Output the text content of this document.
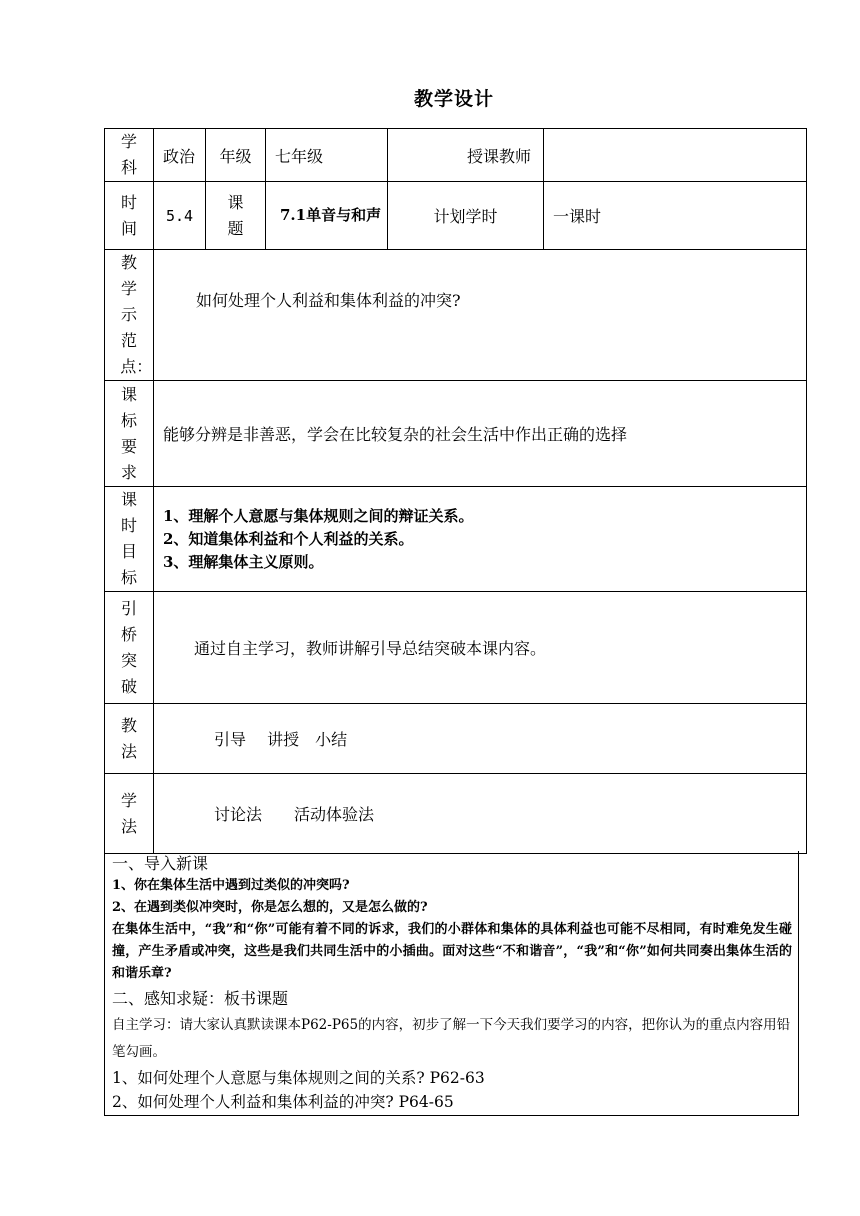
教学设计
学科	政治	年级	七年级	授课教师	
时间	5.4	课题	7.1单音与和声	计划学时	一课时
教学示范点：	如何处理个人利益和集体利益的冲突?				
课标要求	能够分辨是非善恶，学会在比较复杂的社会生活中作出正确的选择				
课时目标	1、理解个人意愿与集体规则之间的辩证关系。
2、知道集体利益和个人利益的关系。
3、理解集体主义原则。				

引桥突破	通过自主学习，教师讲解引导总结突破本课内容。				
教法	引导　 讲授　小结				
学法	讨论法　　活动体验法				
一、导入新课
1、你在集体生活中遇到过类似的冲突吗?
2、在遇到类似冲突时，你是怎么想的，又是怎么做的?
在集体生活中，“我”和“你”可能有着不同的诉求，我们的小群体和集体的具体利益也可能不尽相同，有时难免发生碰撞，产生矛盾或冲突，这些是我们共同生活中的小插曲。面对这些“不和谐音”，“我”和“你”如何共同奏出集体生活的和谐乐章?
二、感知求疑：板书课题
自主学习：请大家认真默读课本P62-P65的内容，初步了解一下今天我们要学习的内容，把你认为的重点内容用铅笔勾画。
1、如何处理个人意愿与集体规则之间的关系? P62-63
2、如何处理个人利益和集体利益的冲突? P64-65
